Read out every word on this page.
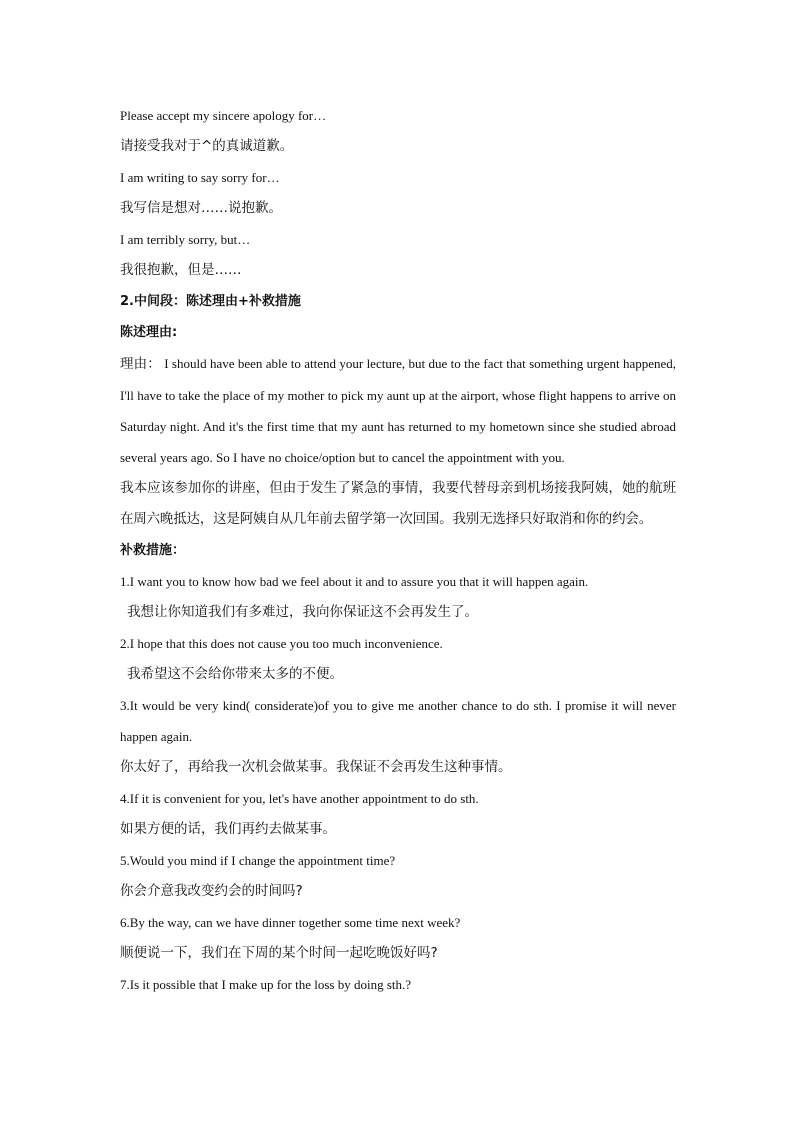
Please accept my sincere apology for…
请接受我对于^的真诚道歉。
I am writing to say sorry for…
我写信是想对……说抱歉。
I am terribly sorry, but…
我很抱歉，但是……
2.中间段：陈述理由+补救措施
陈述理由:
理由： I should have been able to attend your lecture, but due to the fact that something urgent happened, I'll have to take the place of my mother to pick my aunt up at the airport, whose flight happens to arrive on Saturday night. And it's the first time that my aunt has returned to my hometown since she studied abroad several years ago. So I have no choice/option but to cancel the appointment with you.
我本应该参加你的讲座，但由于发生了紧急的事情，我要代替母亲到机场接我阿姨，她的航班在周六晚抵达，这是阿姨自从几年前去留学第一次回国。我别无选择只好取消和你的约会。
补救措施：
1.I want you to know how bad we feel about it and to assure you that it will happen again.
我想让你知道我们有多难过，我向你保证这不会再发生了。
2.I hope that this does not cause you too much inconvenience.
我希望这不会给你带来太多的不便。
3.It would be very kind( considerate)of you to give me another chance to do sth. I promise it will never happen again.
你太好了，再给我一次机会做某事。我保证不会再发生这种事情。
4.If it is convenient for you, let's have another appointment to do sth.
如果方便的话，我们再约去做某事。
5.Would you mind if I change the appointment time?
你会介意我改变约会的时间吗?
6.By the way, can we have dinner together some time next week?
顺便说一下，我们在下周的某个时间一起吃晚饭好吗?
7.Is it possible that I make up for the loss by doing sth.?
